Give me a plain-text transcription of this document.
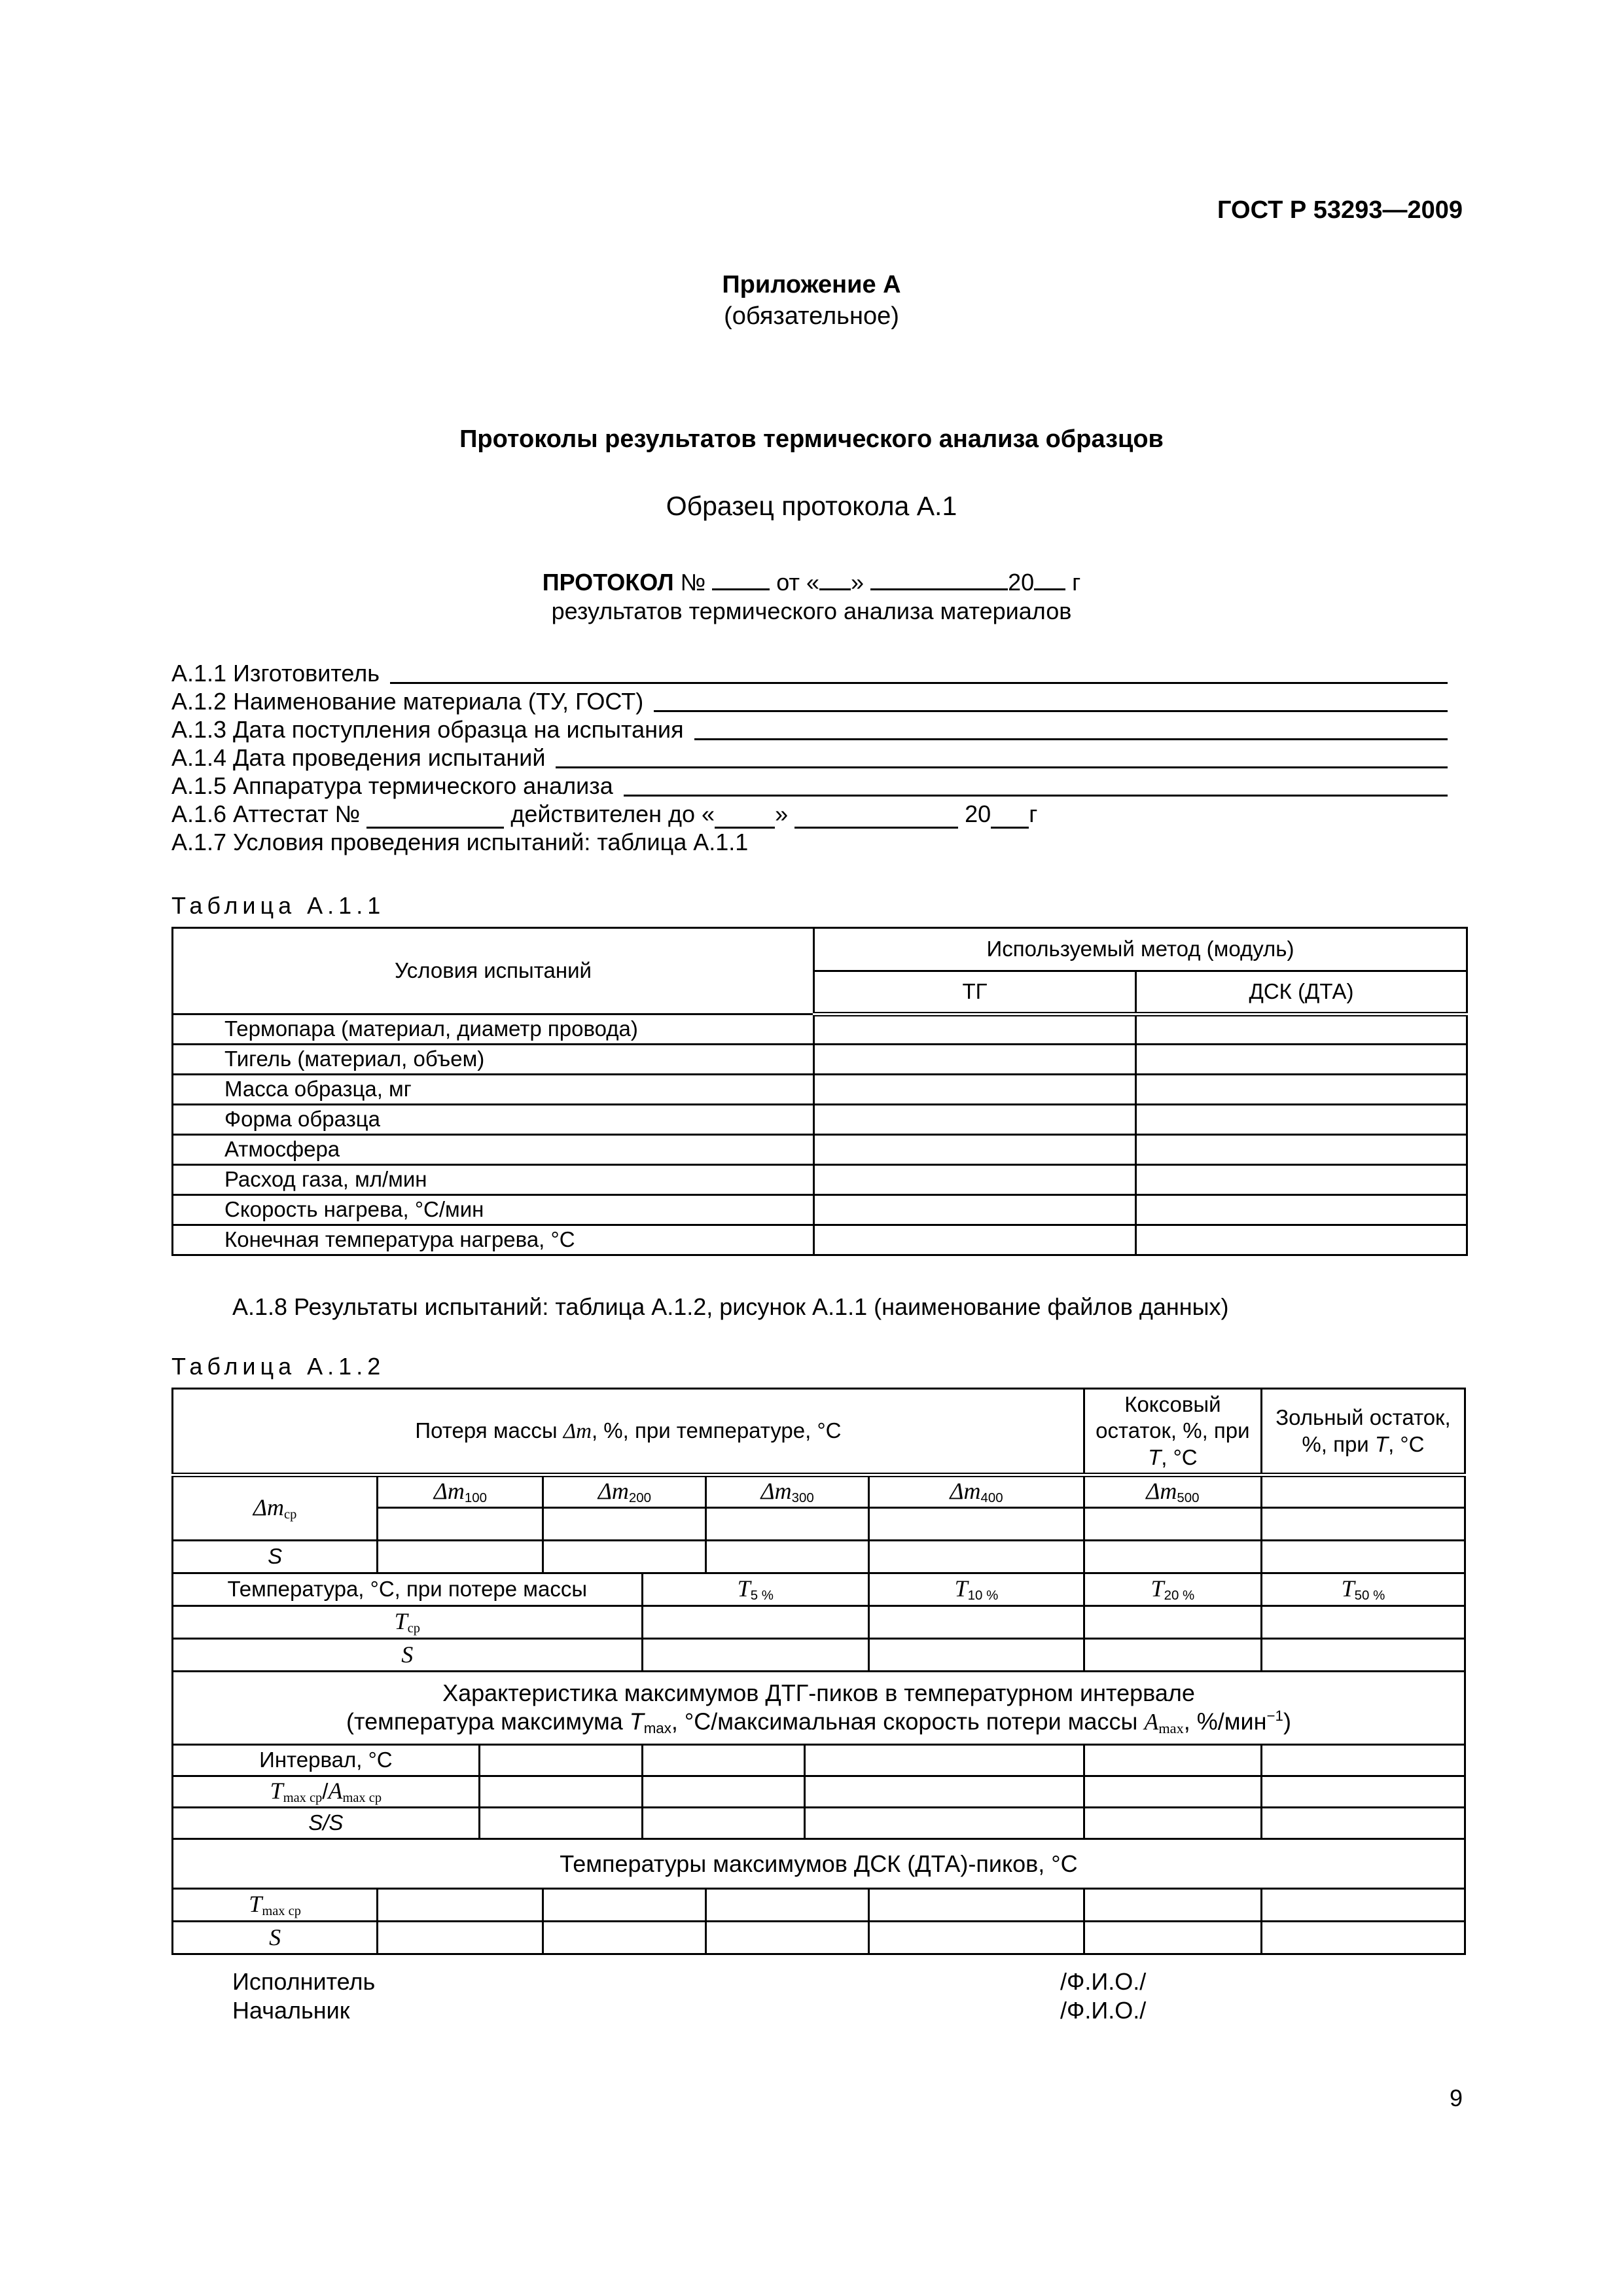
ГОСТ Р 53293—2009
Приложение А
(обязательное)
Протоколы результатов термического анализа образцов
Образец протокола А.1
ПРОТОКОЛ №	от « »	20 г
результатов термического анализа материалов
А.1.1 Изготовитель
А.1.2 Наименование материала (ТУ, ГОСТ)
А.1.3 Дата поступления образца на испытания
А.1.4 Дата проведения испытаний
А.1.5 Аппаратура термического анализа
А.1.6 Аттестат №

	действителен до «	»

	20 г
А.1.7 Условия проведения испытаний: таблица А.1.1
Таблица А.1.1
Условия испытаний	Используемый метод (модуль)	
	ТГ	ДСК (ДТА)
Термопара (материал, диаметр провода)		
Тигель (материал, объем)		
Масса образца, мг		
Форма образца		
Атмосфера		
Расход газа, мл/мин		
Скорость нагрева, °С/мин		
Конечная температура нагрева, °С		
А.1.8 Результаты испытаний: таблица А.1.2, рисунок А.1.1 (наименование файлов данных)
Таблица А.1.2
Потеря массы Δm, %, при температуре, °С								Коксовый остаток, %, при T, °С	Зольный остаток, %, при T, °С
Δmср	$\Delta m_{100}$		$\Delta m_{200}$		$\Delta m_{300}$		$\Delta m_{400}$	$\Delta m_{500}$	

S									
Температура, °С, при потере массы				$T_{5 \%}$			$T_{10 \%}$	$T_{20 \%}$	$T_{50 \%}$
Tср									
S									

Характеристика максимумов ДТГ-пиков в температурном интервале
(температура максимума $T_{max}$, °С/максимальная скорость потери массы Amax, %/мин$^{-1}$)									

Интервал, °С									
Tmax ср/Amax ср									
S/S									
Температуры максимумов ДСК (ДТА)-пиков, °С									
Tmax ср									
S									
Исполнитель	/Ф.И.О./
Начальник	/Ф.И.О./
9
